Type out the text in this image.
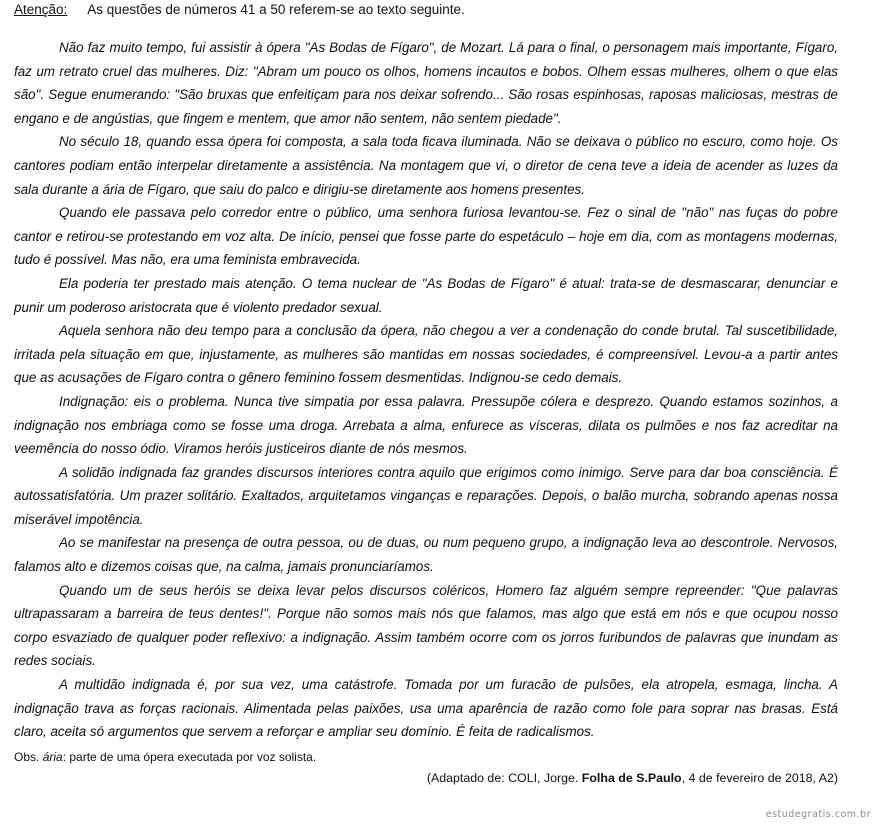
Atenção: As questões de números 41 a 50 referem-se ao texto seguinte.

Não faz muito tempo, fui assistir à ópera "As Bodas de Fígaro", de Mozart. Lá para o final, o personagem mais importante, Fígaro, faz um retrato cruel das mulheres. Diz: "Abram um pouco os olhos, homens incautos e bobos. Olhem essas mulheres, olhem o que elas são". Segue enumerando: "São bruxas que enfeitiçam para nos deixar sofrendo... São rosas espinhosas, raposas maliciosas, mestras de engano e de angústias, que fingem e mentem, que amor não sentem, não sentem piedade".

No século 18, quando essa ópera foi composta, a sala toda ficava iluminada. Não se deixava o público no escuro, como hoje. Os cantores podiam então interpelar diretamente a assistência. Na montagem que vi, o diretor de cena teve a ideia de acender as luzes da sala durante a ária de Fígaro, que saiu do palco e dirigiu-se diretamente aos homens presentes.

Quando ele passava pelo corredor entre o público, uma senhora furiosa levantou-se. Fez o sinal de "não" nas fuças do pobre cantor e retirou-se protestando em voz alta. De início, pensei que fosse parte do espetáculo – hoje em dia, com as montagens modernas, tudo é possível. Mas não, era uma feminista embravecida.

Ela poderia ter prestado mais atenção. O tema nuclear de "As Bodas de Fígaro" é atual: trata-se de desmascarar, denunciar e punir um poderoso aristocrata que é violento predador sexual.

Aquela senhora não deu tempo para a conclusão da ópera, não chegou a ver a condenação do conde brutal. Tal suscetibilidade, irritada pela situação em que, injustamente, as mulheres são mantidas em nossas sociedades, é compreensível. Levou-a a partir antes que as acusações de Fígaro contra o gênero feminino fossem desmentidas. Indignou-se cedo demais.

Indignação: eis o problema. Nunca tive simpatia por essa palavra. Pressupõe cólera e desprezo. Quando estamos sozinhos, a indignação nos embriaga como se fosse uma droga. Arrebata a alma, enfurece as vísceras, dilata os pulmões e nos faz acreditar na veemência do nosso ódio. Viramos heróis justiceiros diante de nós mesmos.

A solidão indignada faz grandes discursos interiores contra aquilo que erigimos como inimigo. Serve para dar boa consciência. É autossatisfatória. Um prazer solitário. Exaltados, arquitetamos vinganças e reparações. Depois, o balão murcha, sobrando apenas nossa miserável impotência.

Ao se manifestar na presença de outra pessoa, ou de duas, ou num pequeno grupo, a indignação leva ao descontrole. Nervosos, falamos alto e dizemos coisas que, na calma, jamais pronunciaríamos.

Quando um de seus heróis se deixa levar pelos discursos coléricos, Homero faz alguém sempre repreender: "Que palavras ultrapassaram a barreira de teus dentes!". Porque não somos mais nós que falamos, mas algo que está em nós e que ocupou nosso corpo esvaziado de qualquer poder reflexivo: a indignação. Assim também ocorre com os jorros furibundos de palavras que inundam as redes sociais.

A multidão indignada é, por sua vez, uma catástrofe. Tomada por um furacão de pulsões, ela atropela, esmaga, lincha. A indignação trava as forças racionais. Alimentada pelas paixões, usa uma aparência de razão como fole para soprar nas brasas. Está claro, aceita só argumentos que servem a reforçar e ampliar seu domínio. É feita de radicalismos.

Obs. ária: parte de uma ópera executada por voz solista.
(Adaptado de: COLI, Jorge. Folha de S.Paulo, 4 de fevereiro de 2018, A2)
estudegratis.com.br
